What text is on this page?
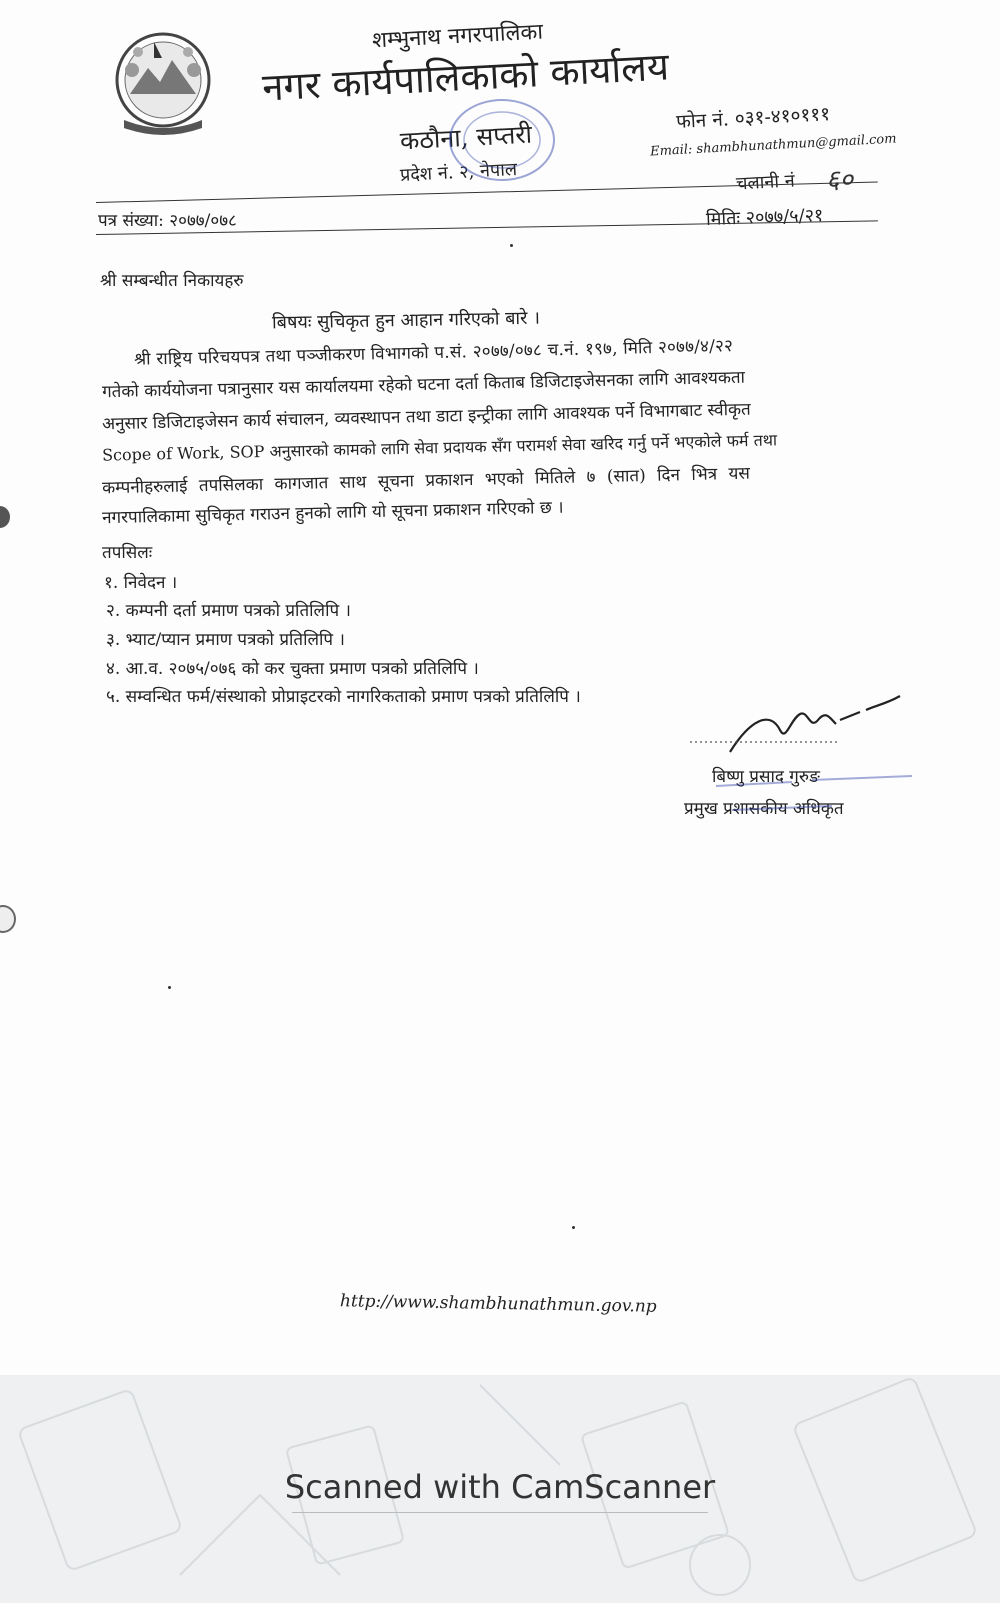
शम्भुनाथ नगरपालिका
नगर कार्यपालिकाको कार्यालय
कठौना, सप्तरी
प्रदेश नं. २, नेपाल
फोन नं. ०३१-४१०१११
Email: shambhunathmun@gmail.com
चलानी नं ६०
पत्र संख्या: २०७७/०७८	मितिः २०७७/५/२१
श्री सम्बन्धीत निकायहरु
बिषयः सुचिकृत हुन आहान गरिएको बारे ।
श्री राष्ट्रिय परिचयपत्र तथा पञ्जीकरण विभागको प.सं. २०७७/०७८ च.नं. १९७, मिति २०७७/४/२२
गतेको कार्ययोजना पत्रानुसार यस कार्यालयमा रहेको घटना दर्ता किताब डिजिटाइजेसनका लागि आवश्यकता
अनुसार डिजिटाइजेसन कार्य संचालन, व्यवस्थापन तथा डाटा इन्ट्रीका लागि आवश्यक पर्ने विभागबाट स्वीकृत
Scope of Work, SOP अनुसारको कामको लागि सेवा प्रदायक सँग परामर्श सेवा खरिद गर्नु पर्ने भएकोले फर्म तथा
कम्पनीहरुलाई तपसिलका कागजात साथ सूचना प्रकाशन भएको मितिले ७ (सात) दिन भित्र यस
नगरपालिकामा सुचिकृत गराउन हुनको लागि यो सूचना प्रकाशन गरिएको छ ।
तपसिलः
१. निवेदन ।
२. कम्पनी दर्ता प्रमाण पत्रको प्रतिलिपि ।
३. भ्याट/प्यान प्रमाण पत्रको प्रतिलिपि ।
४. आ.व. २०७५/०७६ को कर चुक्ता प्रमाण पत्रको प्रतिलिपि ।
५. सम्वन्धित फर्म/संस्थाको प्रोप्राइटरको नागरिकताको प्रमाण पत्रको प्रतिलिपि ।
बिष्णु प्रसाद गुरुङ
प्रमुख प्रशासकीय अधिकृत
http://www.shambhunathmun.gov.np
Scanned with CamScanner
